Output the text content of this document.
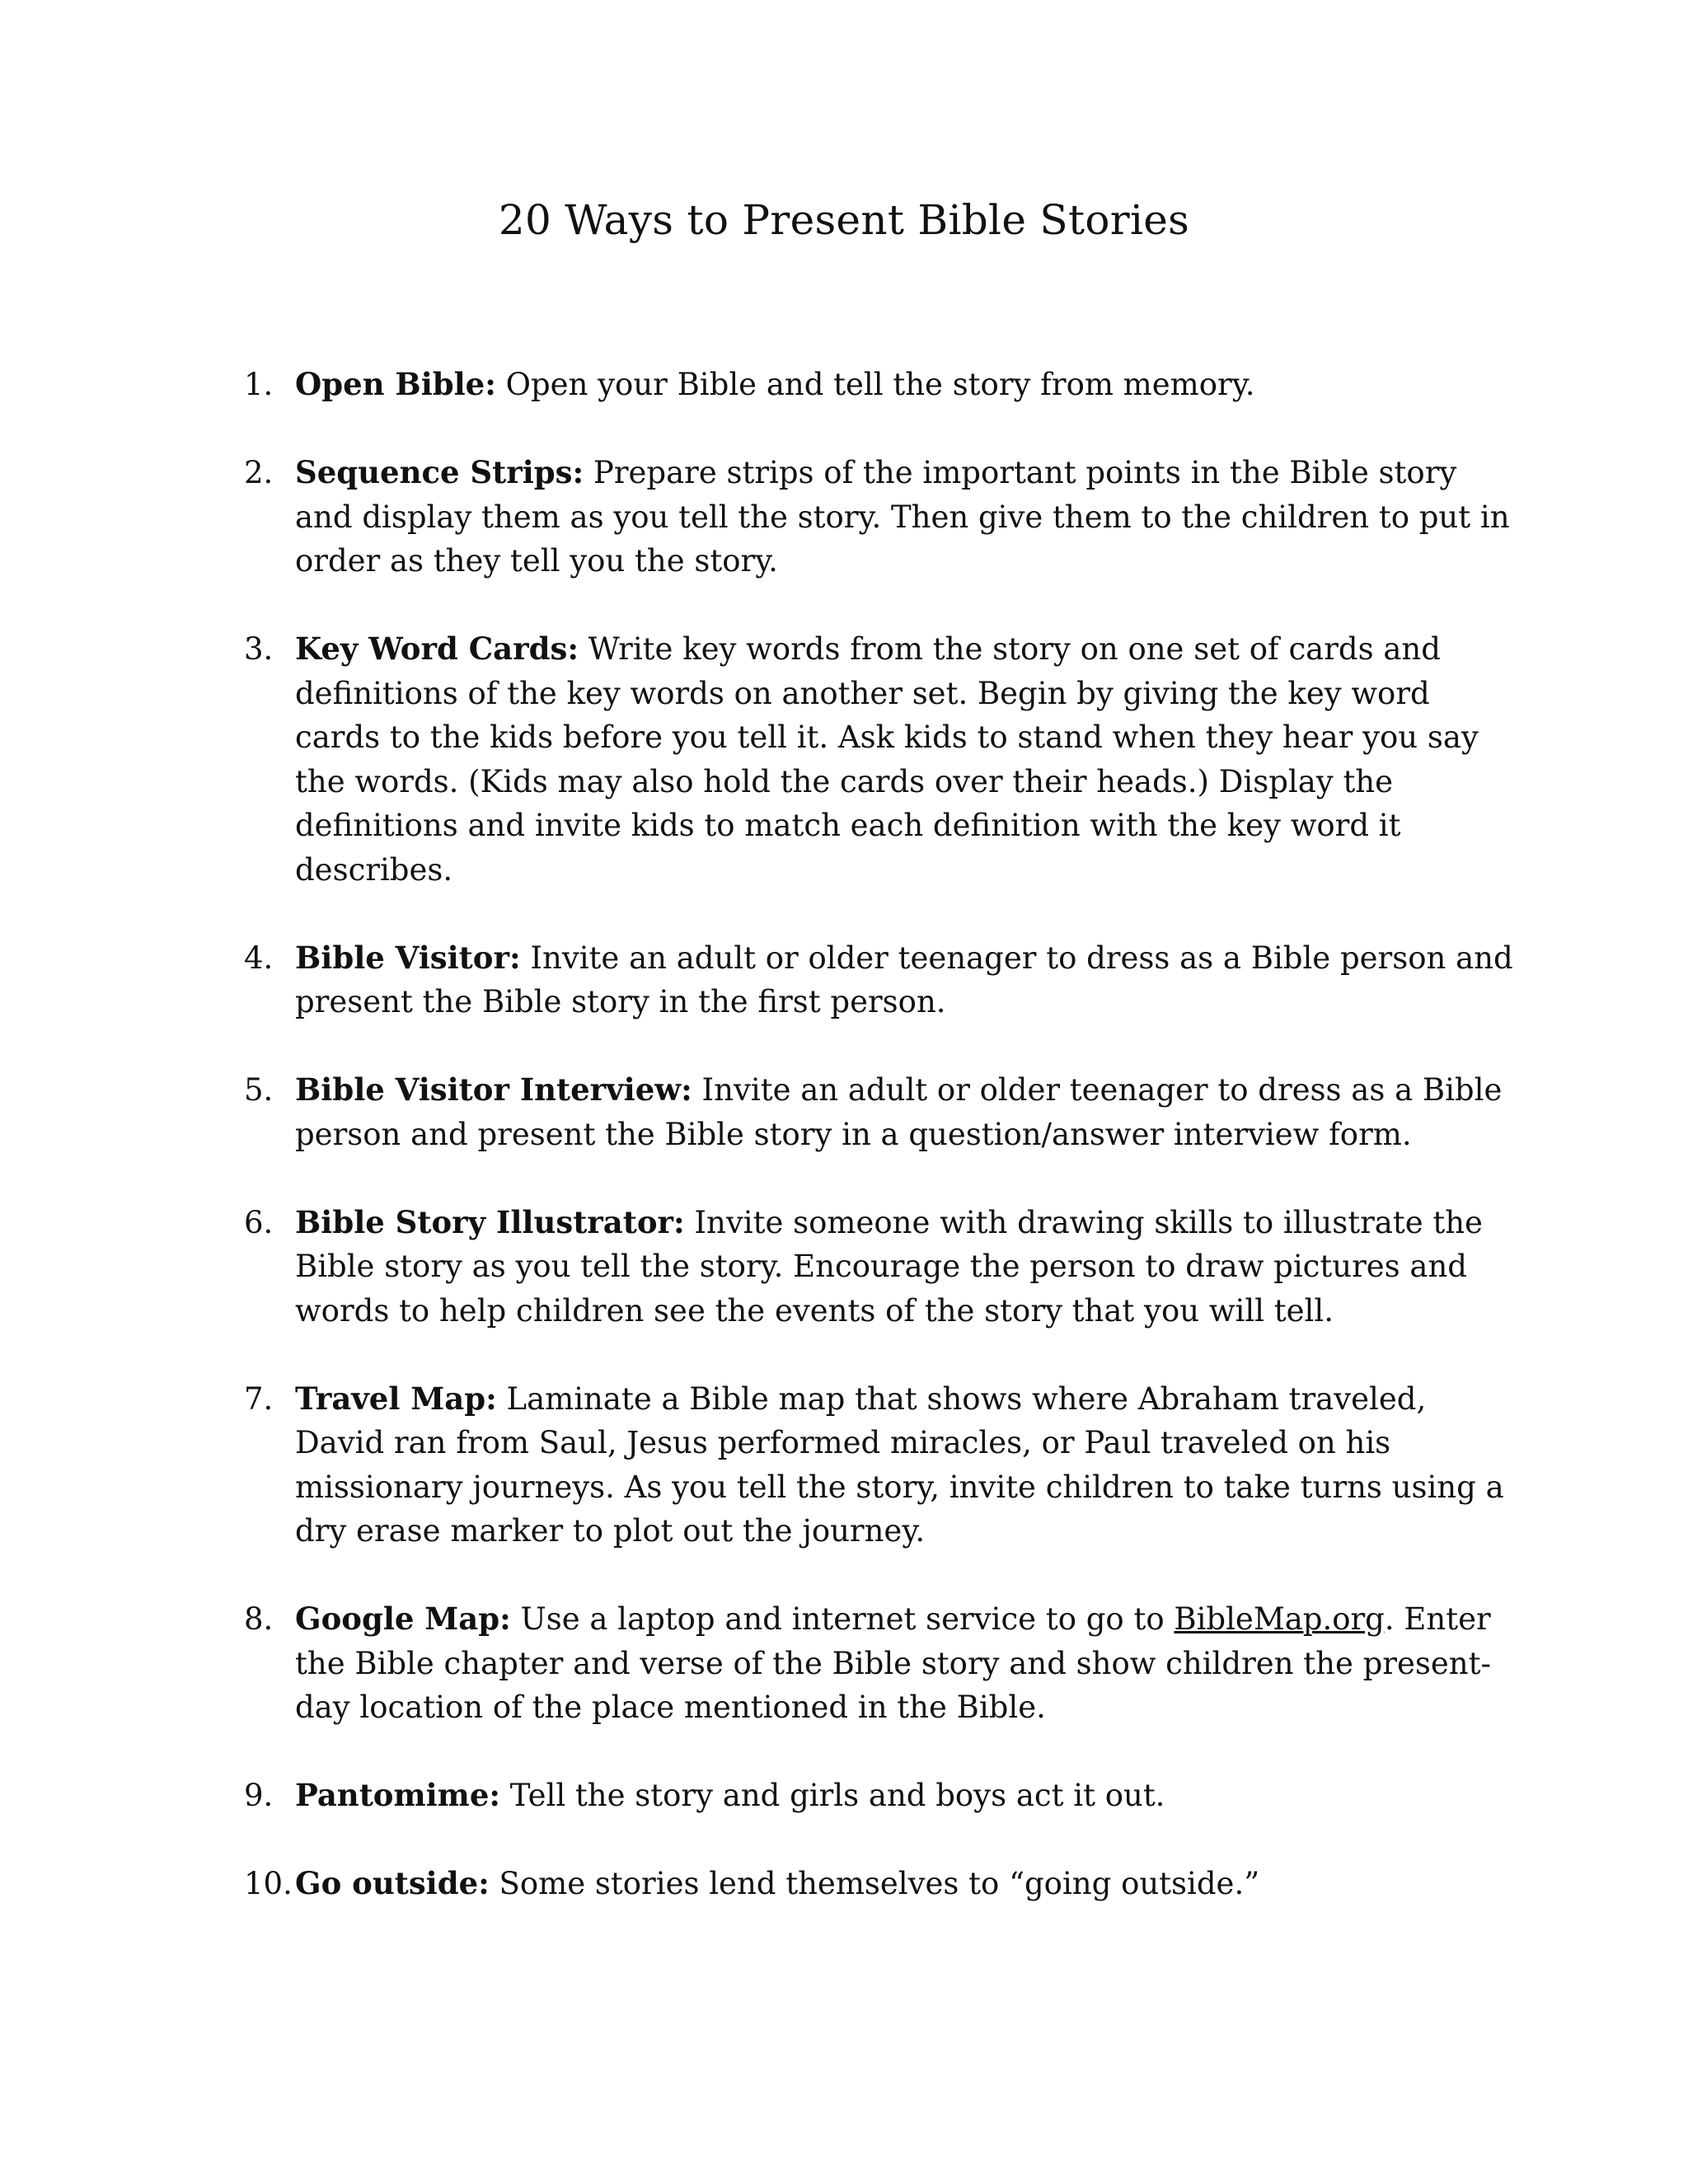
20 Ways to Present Bible Stories
1. Open Bible: Open your Bible and tell the story from memory.
2. Sequence Strips: Prepare strips of the important points in the Bible story and display them as you tell the story. Then give them to the children to put in order as they tell you the story.
3. Key Word Cards: Write key words from the story on one set of cards and definitions of the key words on another set. Begin by giving the key word cards to the kids before you tell it. Ask kids to stand when they hear you say the words. (Kids may also hold the cards over their heads.) Display the definitions and invite kids to match each definition with the key word it describes.
4. Bible Visitor: Invite an adult or older teenager to dress as a Bible person and present the Bible story in the first person.
5. Bible Visitor Interview: Invite an adult or older teenager to dress as a Bible person and present the Bible story in a question/answer interview form.
6. Bible Story Illustrator: Invite someone with drawing skills to illustrate the Bible story as you tell the story. Encourage the person to draw pictures and words to help children see the events of the story that you will tell.
7. Travel Map: Laminate a Bible map that shows where Abraham traveled, David ran from Saul, Jesus performed miracles, or Paul traveled on his missionary journeys. As you tell the story, invite children to take turns using a dry erase marker to plot out the journey.
8. Google Map: Use a laptop and internet service to go to BibleMap.org. Enter the Bible chapter and verse of the Bible story and show children the present-day location of the place mentioned in the Bible.
9. Pantomime: Tell the story and girls and boys act it out.
10. Go outside: Some stories lend themselves to “going outside.”
